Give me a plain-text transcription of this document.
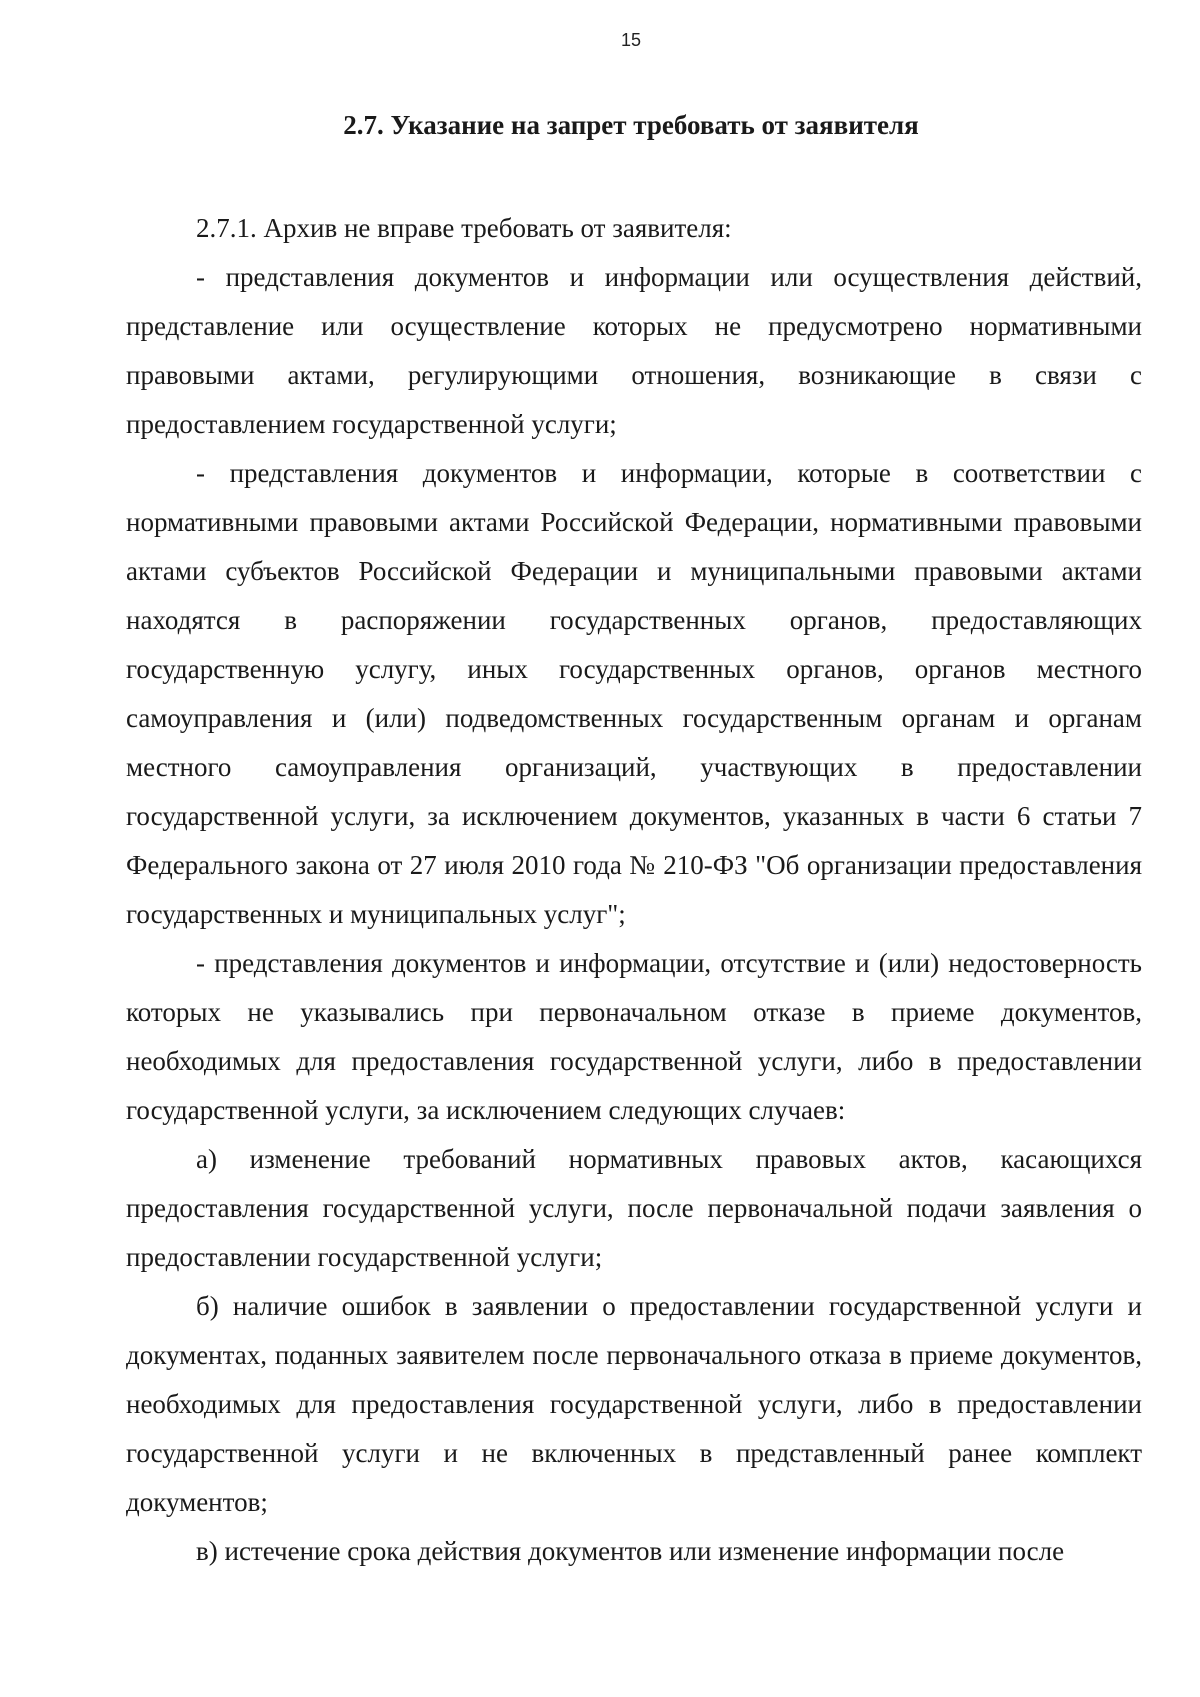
15
2.7. Указание на запрет требовать от заявителя

2.7.1. Архив не вправе требовать от заявителя:

- представления документов и информации или осуществления действий, представление или осуществление которых не предусмотрено нормативными правовыми актами, регулирующими отношения, возникающие в связи с предоставлением государственной услуги;

- представления документов и информации, которые в соответствии с нормативными правовыми актами Российской Федерации, нормативными правовыми актами субъектов Российской Федерации и муниципальными правовыми актами находятся в распоряжении государственных органов, предоставляющих государственную услугу, иных государственных органов, органов местного самоуправления и (или) подведомственных государственным органам и органам местного самоуправления организаций, участвующих в предоставлении государственной услуги, за исключением документов, указанных в части 6 статьи 7 Федерального закона от 27 июля 2010 года № 210-ФЗ "Об организации предоставления государственных и муниципальных услуг";

- представления документов и информации, отсутствие и (или) недостоверность которых не указывались при первоначальном отказе в приеме документов, необходимых для предоставления государственной услуги, либо в предоставлении государственной услуги, за исключением следующих случаев:

а) изменение требований нормативных правовых актов, касающихся предоставления государственной услуги, после первоначальной подачи заявления о предоставлении государственной услуги;

б) наличие ошибок в заявлении о предоставлении государственной услуги и документах, поданных заявителем после первоначального отказа в приеме документов, необходимых для предоставления государственной услуги, либо в предоставлении государственной услуги и не включенных в представленный ранее комплект документов;

в) истечение срока действия документов или изменение информации после
